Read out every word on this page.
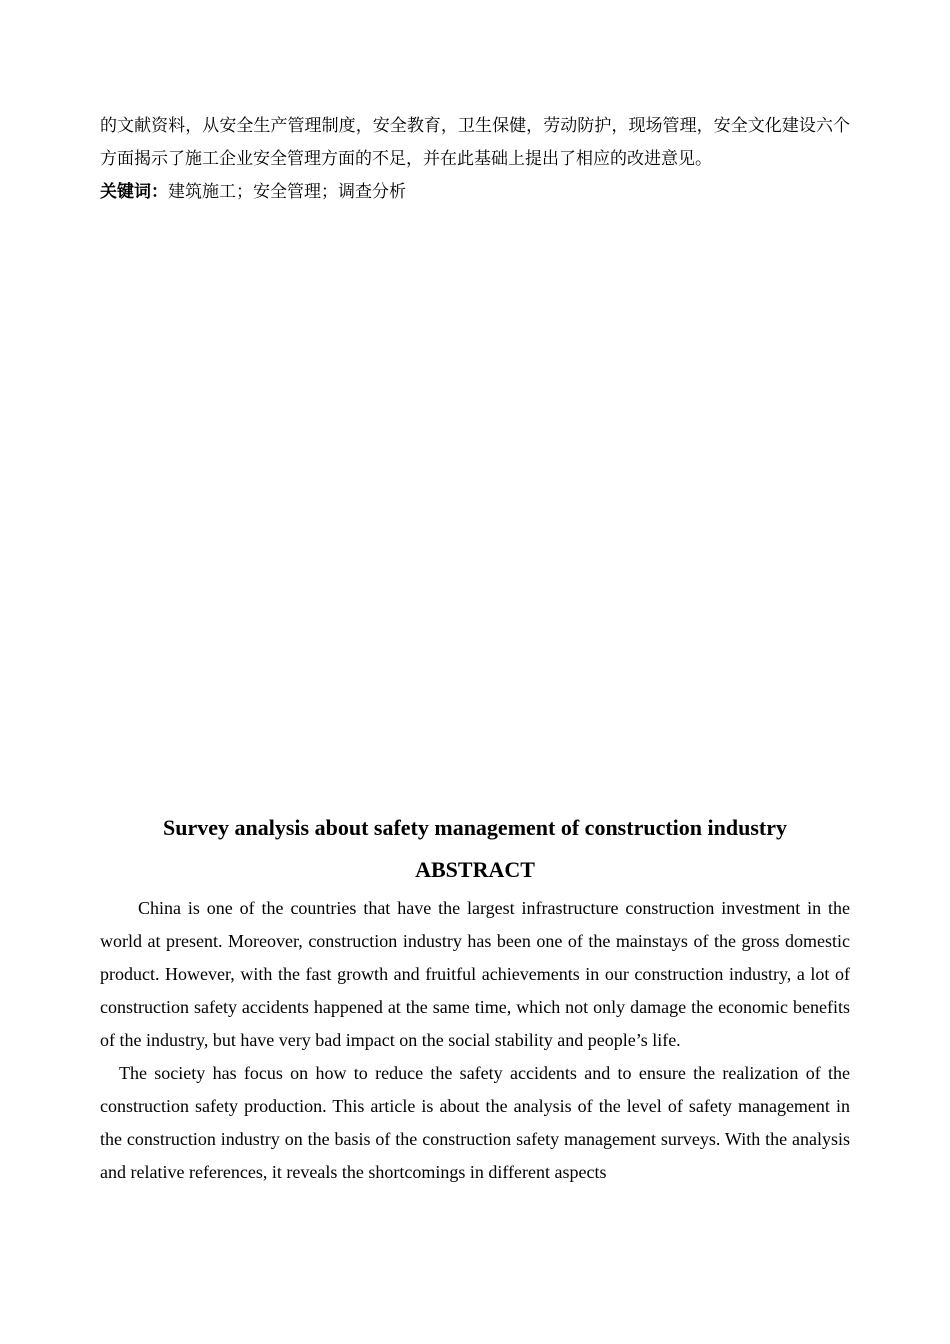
的文献资料，从安全生产管理制度，安全教育，卫生保健，劳动防护，现场管理，安全文化建设六个方面揭示了施工企业安全管理方面的不足，并在此基础上提出了相应的改进意见。

关键词：建筑施工；安全管理；调查分析

Survey analysis about safety management of construction industry
ABSTRACT

China is one of the countries that have the largest infrastructure construction investment in the world at present. Moreover, construction industry has been one of the mainstays of the gross domestic product. However, with the fast growth and fruitful achievements in our construction industry, a lot of construction safety accidents happened at the same time, which not only damage the economic benefits of the industry, but have very bad impact on the social stability and people’s life.

The society has focus on how to reduce the safety accidents and to ensure the realization of the construction safety production. This article is about the analysis of the level of safety management in the construction industry on the basis of the construction safety management surveys. With the analysis and relative references, it reveals the shortcomings in different aspects
